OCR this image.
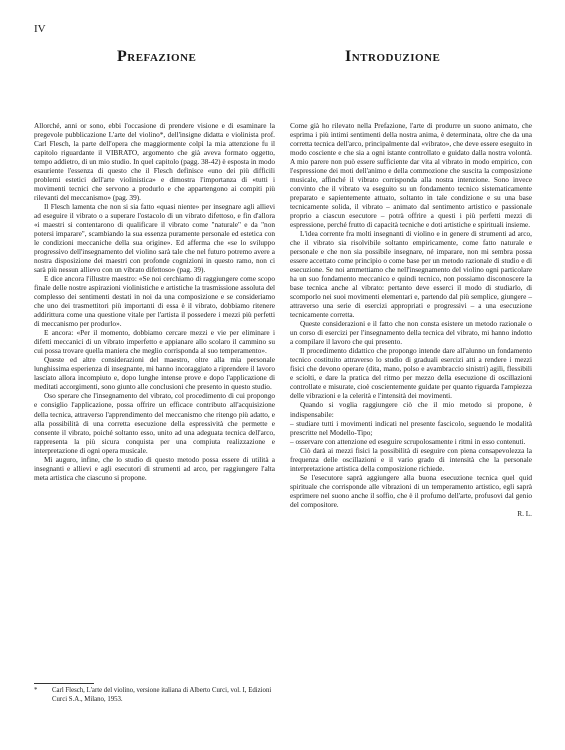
IV
Prefazione	Introduzione

Allorché, anni or sono, ebbi l'occasione di prendere visione e di esaminare la pregevole pubblicazione L'arte del violino*, dell'insigne didatta e violinista prof. Carl Flesch, la parte dell'opera che maggiormente colpì la mia attenzione fu il capitolo riguardante il VIBRATO, argomento che già aveva formato oggetto, tempo addietro, di un mio studio. In quel capitolo (pagg. 38-42) è esposta in modo esauriente l'essenza di questo che il Flesch definisce «uno dei più difficili problemi estetici dell'arte violinistica» e dimostra l'importanza di «tutti i movimenti tecnici che servono a produrlo e che appartengono ai compiti più rilevanti del meccanismo» (pag. 39).

Il Flesch lamenta che non si sia fatto «quasi niente» per insegnare agli allievi ad eseguire il vibrato o a superare l'ostacolo di un vibrato difettoso, e fin d'allora «i maestri si contentarono di qualificare il vibrato come "naturale" e da "non potersi imparare", scambiando la sua essenza puramente personale ed estetica con le condizioni meccaniche della sua origine». Ed afferma che «se lo sviluppo progressivo dell'insegnamento del violino sarà tale che nel futuro potremo avere a nostra disposizione dei maestri con profonde cognizioni in questo ramo, non ci sarà più nessun allievo con un vibrato difettoso» (pag. 39).

E dice ancora l'illustre maestro: «Se noi cerchiamo di raggiungere come scopo finale delle nostre aspirazioni violinistiche e artistiche la trasmissione assoluta del complesso dei sentimenti destati in noi da una composizione e se consideriamo che uno dei trasmettitori più importanti di essa è il vibrato, dobbiamo ritenere addirittura come una questione vitale per l'artista il possedere i mezzi più perfetti di meccanismo per produrlo».

E ancora: «Per il momento, dobbiamo cercare mezzi e vie per eliminare i difetti meccanici di un vibrato imperfetto e appianare allo scolaro il cammino su cui possa trovare quella maniera che meglio corrisponda al suo temperamento».

Queste ed altre considerazioni del maestro, oltre alla mia personale lunghissima esperienza di insegnante, mi hanno incoraggiato a riprendere il lavoro lasciato allora incompiuto e, dopo lunghe intense prove e dopo l'applicazione di meditati accorgimenti, sono giunto alle conclusioni che presento in questo studio.

Oso sperare che l'insegnamento del vibrato, col procedimento di cui propongo e consiglio l'applicazione, possa offrire un efficace contributo all'acquisizione della tecnica, attraverso l'apprendimento del meccanismo che ritengo più adatto, e alla possibilità di una corretta esecuzione della espressività che permette e consente il vibrato, poiché soltanto esso, unito ad una adeguata tecnica dell'arco, rappresenta la più sicura conquista per una compiuta realizzazione e interpretazione di ogni opera musicale.

Mi auguro, infine, che lo studio di questo metodo possa essere di utilità a insegnanti e allievi e agli esecutori di strumenti ad arco, per raggiungere l'alta meta artistica che ciascuno si propone.

Come già ho rilevato nella Prefazione, l'arte di produrre un suono animato, che esprima i più intimi sentimenti della nostra anima, è determinata, oltre che da una corretta tecnica dell'arco, principalmente dal «vibrato», che deve essere eseguito in modo cosciente e che sia a ogni istante controllato e guidato dalla nostra volontà. A mio parere non può essere sufficiente dar vita al vibrato in modo empirico, con l'espressione dei moti dell'animo e della commozione che suscita la composizione musicale, affinché il vibrato corrisponda alla nostra intenzione. Sono invece convinto che il vibrato va eseguito su un fondamento tecnico sistematicamente preparato e sapientemente attuato, soltanto in tale condizione e su una base tecnicamente solida, il vibrato – animato dal sentimento artistico e passionale proprio a ciascun esecutore – potrà offrire a questi i più perfetti mezzi di espressione, perché frutto di capacità tecniche e doti artistiche e spirituali insieme.

L'idea corrente fra molti insegnanti di violino e in genere di strumenti ad arco, che il vibrato sia risolvibile soltanto empiricamente, come fatto naturale e personale e che non sia possibile insegnare, né imparare, non mi sembra possa essere accettato come principio o come base per un metodo razionale di studio e di esecuzione. Se noi ammettiamo che nell'insegnamento del violino ogni particolare ha un suo fondamento meccanico e quindi tecnico, non possiamo disconoscere la base tecnica anche al vibrato: pertanto deve esserci il modo di studiarlo, di scomporlo nei suoi movimenti elementari e, partendo dal più semplice, giungere – attraverso una serie di esercizi appropriati e progressivi – a una esecuzione tecnicamente corretta.

Queste considerazioni e il fatto che non consta esistere un metodo razionale o un corso di esercizi per l'insegnamento della tecnica del vibrato, mi hanno indotto a compilare il lavoro che qui presento.

Il procedimento didattico che propongo intende dare all'alunno un fondamento tecnico costituito attraverso lo studio di graduali esercizi atti a rendere i mezzi fisici che devono operare (dita, mano, polso e avambraccio sinistri) agili, flessibili e sciolti, e dare la pratica del ritmo per mezzo della esecuzione di oscillazioni controllate e misurate, cioè coscientemente guidate per quanto riguarda l'ampiezza delle vibrazioni e la celerità e l'intensità dei movimenti.

Quando si voglia raggiungere ciò che il mio metodo si propone, è indispensabile:

– studiare tutti i movimenti indicati nel presente fascicolo, seguendo le modalità prescritte nel Modello-Tipo;

– osservare con attenzione ed eseguire scrupolosamente i ritmi in esso contenuti.

Ciò darà ai mezzi fisici la possibilità di eseguire con piena consapevolezza la frequenza delle oscillazioni e il vario grado di intensità che la personale interpretazione artistica della composizione richiede.

Se l'esecutore saprà aggiungere alla buona esecuzione tecnica quel quid spirituale che corrisponde alle vibrazioni di un temperamento artistico, egli saprà esprimere nel suono anche il soffio, che è il profumo dell'arte, profusovi dal genio del compositore.

R. L.

*	Carl Flesch, L'arte del violino, versione italiana di Alberto Curci, vol. I, Edizioni Curci S.A., Milano, 1953.
